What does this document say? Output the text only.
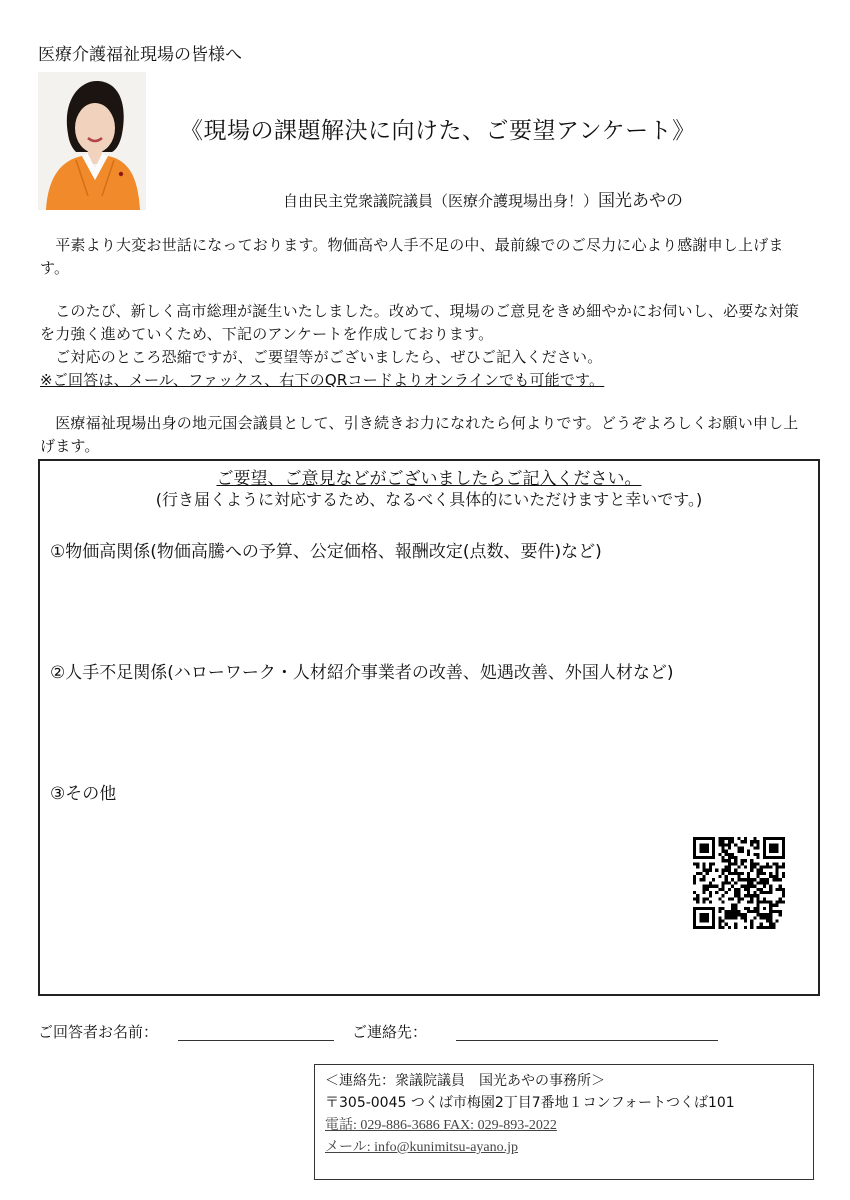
医療介護福祉現場の皆様へ
《現場の課題解決に向けた、ご要望アンケート》
自由民主党衆議院議員（医療介護現場出身！）国光あやの
　平素より大変お世話になっております。物価高や人手不足の中、最前線でのご尽力に心より感謝申し上げます。
　このたび、新しく高市総理が誕生いたしました。改めて、現場のご意見をきめ細やかにお伺いし、必要な対策を力強く進めていくため、下記のアンケートを作成しております。
　ご対応のところ恐縮ですが、ご要望等がございましたら、ぜひご記入ください。
※ご回答は、メール、ファックス、右下のQRコードよりオンラインでも可能です。
　医療福祉現場出身の地元国会議員として、引き続きお力になれたら何よりです。どうぞよろしくお願い申し上げます。
ご要望、ご意見などがございましたらご記入ください。
(行き届くように対応するため、なるべく具体的にいただけますと幸いです。)
①物価高関係(物価高騰への予算、公定価格、報酬改定(点数、要件)など)
②人手不足関係(ハローワーク・人材紹介事業者の改善、処遇改善、外国人材など)
③その他
ご回答者お名前：	ご連絡先：
＜連絡先：衆議院議員　国光あやの事務所＞
〒305-0045 つくば市梅園2丁目7番地１コンフォートつくば101
電話: 029-886-3686 FAX: 029-893-2022
メール: info@kunimitsu-ayano.jp
